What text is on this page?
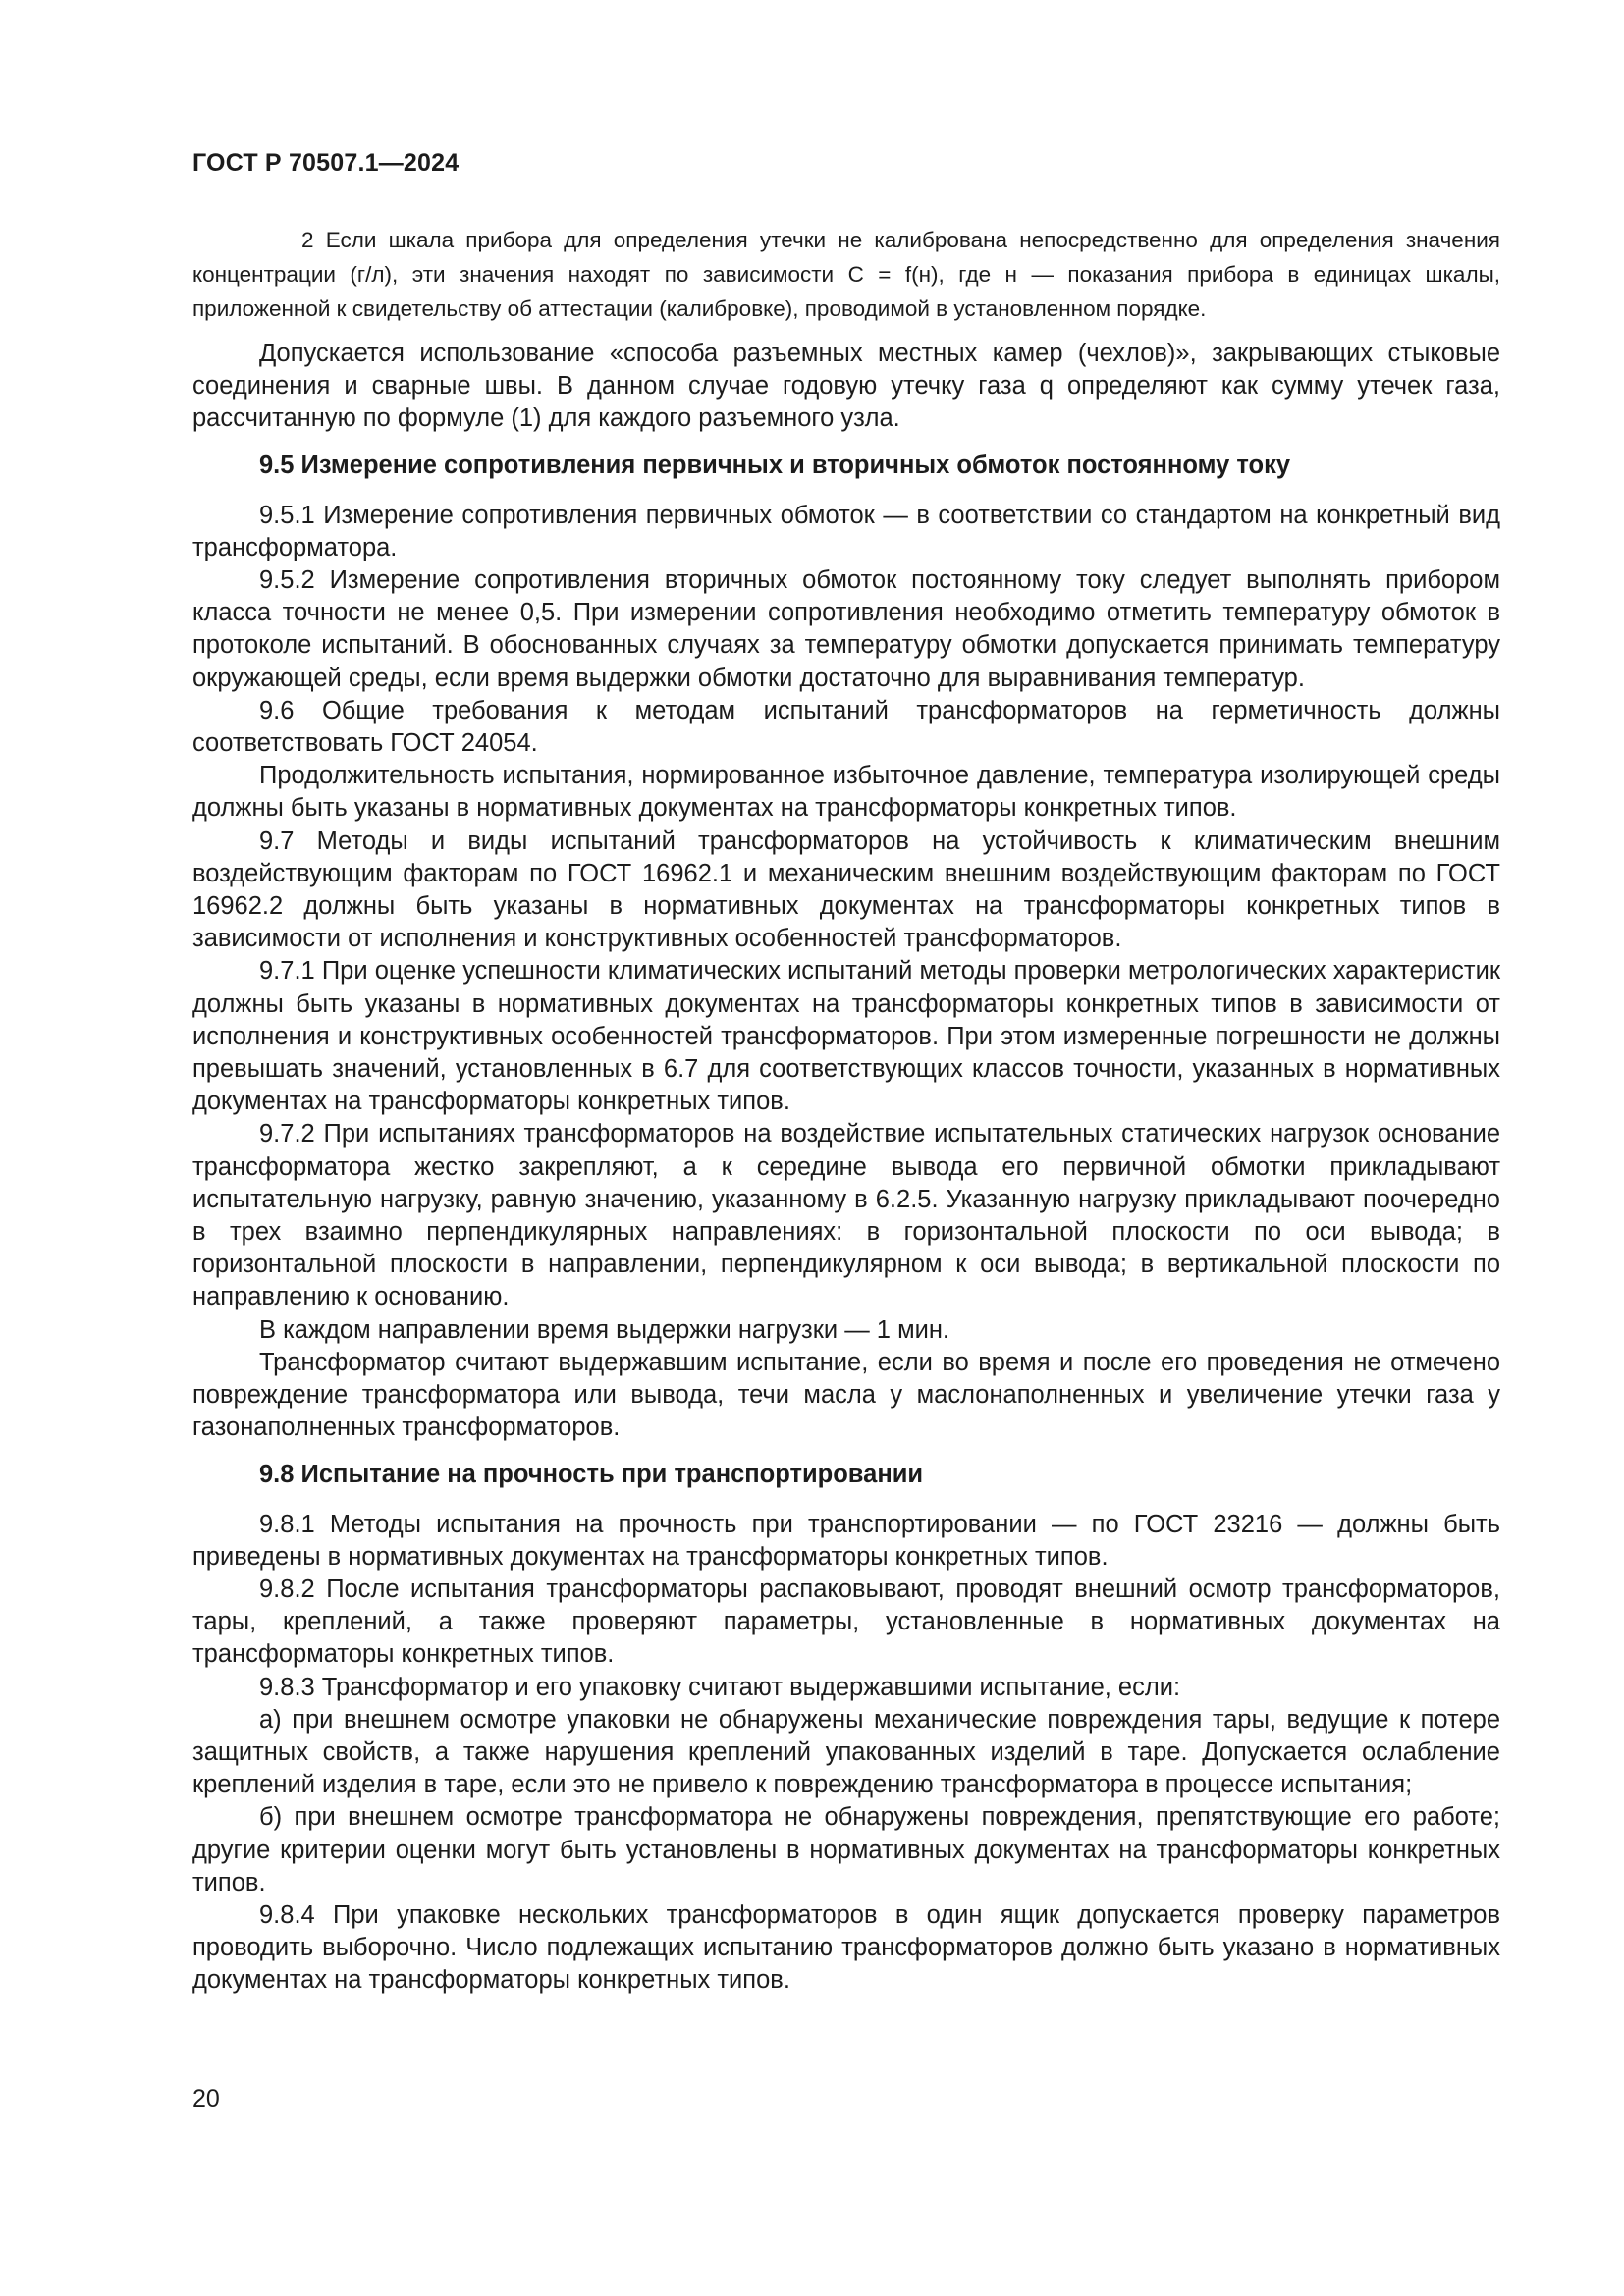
ГОСТ Р 70507.1—2024

2 Если шкала прибора для определения утечки не калибрована непосредственно для определения значения концентрации (г/л), эти значения находят по зависимости C = f(н), где н — показания прибора в единицах шкалы, приложенной к свидетельству об аттестации (калибровке), проводимой в установленном порядке.

Допускается использование «способа разъемных местных камер (чехлов)», закрывающих стыковые соединения и сварные швы. В данном случае годовую утечку газа q определяют как сумму утечек газа, рассчитанную по формуле (1) для каждого разъемного узла.

9.5 Измерение сопротивления первичных и вторичных обмоток постоянному току

9.5.1 Измерение сопротивления первичных обмоток — в соответствии со стандартом на конкретный вид трансформатора.

9.5.2 Измерение сопротивления вторичных обмоток постоянному току следует выполнять прибором класса точности не менее 0,5. При измерении сопротивления необходимо отметить температуру обмоток в протоколе испытаний. В обоснованных случаях за температуру обмотки допускается принимать температуру окружающей среды, если время выдержки обмотки достаточно для выравнивания температур.

9.6 Общие требования к методам испытаний трансформаторов на герметичность должны соответствовать ГОСТ 24054.

Продолжительность испытания, нормированное избыточное давление, температура изолирующей среды должны быть указаны в нормативных документах на трансформаторы конкретных типов.

9.7 Методы и виды испытаний трансформаторов на устойчивость к климатическим внешним воздействующим факторам по ГОСТ 16962.1 и механическим внешним воздействующим факторам по ГОСТ 16962.2 должны быть указаны в нормативных документах на трансформаторы конкретных типов в зависимости от исполнения и конструктивных особенностей трансформаторов.

9.7.1 При оценке успешности климатических испытаний методы проверки метрологических характеристик должны быть указаны в нормативных документах на трансформаторы конкретных типов в зависимости от исполнения и конструктивных особенностей трансформаторов. При этом измеренные погрешности не должны превышать значений, установленных в 6.7 для соответствующих классов точности, указанных в нормативных документах на трансформаторы конкретных типов.

9.7.2 При испытаниях трансформаторов на воздействие испытательных статических нагрузок основание трансформатора жестко закрепляют, а к середине вывода его первичной обмотки прикладывают испытательную нагрузку, равную значению, указанному в 6.2.5. Указанную нагрузку прикладывают поочередно в трех взаимно перпендикулярных направлениях: в горизонтальной плоскости по оси вывода; в горизонтальной плоскости в направлении, перпендикулярном к оси вывода; в вертикальной плоскости по направлению к основанию.

В каждом направлении время выдержки нагрузки — 1 мин.

Трансформатор считают выдержавшим испытание, если во время и после его проведения не отмечено повреждение трансформатора или вывода, течи масла у маслонаполненных и увеличение утечки газа у газонаполненных трансформаторов.

9.8 Испытание на прочность при транспортировании

9.8.1 Методы испытания на прочность при транспортировании — по ГОСТ 23216 — должны быть приведены в нормативных документах на трансформаторы конкретных типов.

9.8.2 После испытания трансформаторы распаковывают, проводят внешний осмотр трансформаторов, тары, креплений, а также проверяют параметры, установленные в нормативных документах на трансформаторы конкретных типов.

9.8.3 Трансформатор и его упаковку считают выдержавшими испытание, если:

а) при внешнем осмотре упаковки не обнаружены механические повреждения тары, ведущие к потере защитных свойств, а также нарушения креплений упакованных изделий в таре. Допускается ослабление креплений изделия в таре, если это не привело к повреждению трансформатора в процессе испытания;

б) при внешнем осмотре трансформатора не обнаружены повреждения, препятствующие его работе; другие критерии оценки могут быть установлены в нормативных документах на трансформаторы конкретных типов.

9.8.4 При упаковке нескольких трансформаторов в один ящик допускается проверку параметров проводить выборочно. Число подлежащих испытанию трансформаторов должно быть указано в нормативных документах на трансформаторы конкретных типов.

20
